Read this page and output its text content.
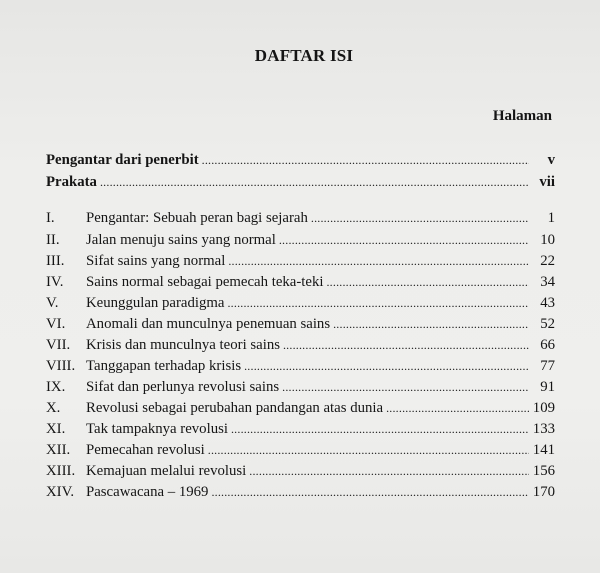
DAFTAR ISI
Halaman
Pengantar dari penerbit .....	v
Prakata .....	vii
I.	Pengantar: Sebuah peran bagi sejarah .....	1
II.	Jalan menuju sains yang normal .....	10
III.	Sifat sains yang normal .....	22
IV.	Sains normal sebagai pemecah teka-teki .....	34
V.	Keunggulan paradigma .....	43
VI.	Anomali dan munculnya penemuan sains .....	52
VII.	Krisis dan munculnya teori sains .....	66
VIII. Tanggapan terhadap krisis .....	77
IX.	Sifat dan perlunya revolusi sains .....	91
X.	Revolusi sebagai perubahan pandangan atas dunia .....	109
XI.	Tak tampaknya revolusi .....	133
XII.	Pemecahan revolusi .....	141
XIII. Kemajuan melalui revolusi .....	156
XIV. Pascawacana – 1969 .....	170
